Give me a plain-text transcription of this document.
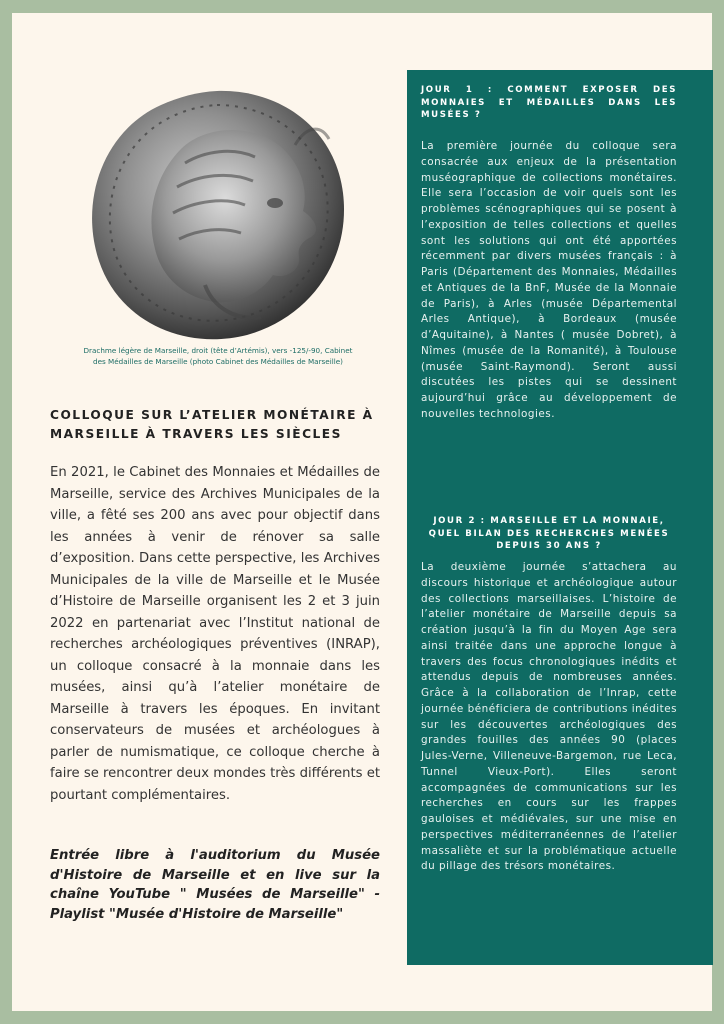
Drachme légère de Marseille, droit (tête d’Artémis), vers -125/-90, Cabinet des Médailles de Marseille (photo Cabinet des Médailles de Marseille)
COLLOQUE SUR L’ATELIER MONÉTAIRE À MARSEILLE À TRAVERS LES SIÈCLES
En 2021, le Cabinet des Monnaies et Médailles de Marseille, service des Archives Municipales de la ville, a fêté ses 200 ans avec pour objectif dans les années à venir de rénover sa salle d’exposition. Dans cette perspective, les Archives Municipales de la ville de Marseille et le Musée d’Histoire de Marseille organisent les 2 et 3 juin 2022 en partenariat avec l’Institut national de recherches archéologiques préventives (INRAP), un colloque consacré à la monnaie dans les musées, ainsi qu’à l’atelier monétaire de Marseille à travers les époques. En invitant conservateurs de musées et archéologues à parler de numismatique, ce colloque cherche à faire se rencontrer deux mondes très différents et pourtant complémentaires.
Entrée libre à l'auditorium du Musée d'Histoire de Marseille et en live sur la chaîne YouTube " Musées de Marseille" - Playlist "Musée d'Histoire de Marseille"
JOUR 1 : COMMENT EXPOSER DES MONNAIES ET MÉDAILLES DANS LES MUSÉES ?
La première journée du colloque sera consacrée aux enjeux de la présentation muséographique de collections monétaires. Elle sera l’occasion de voir quels sont les problèmes scénographiques qui se posent à l’exposition de telles collections et quelles sont les solutions qui ont été apportées récemment par divers musées français : à Paris (Département des Monnaies, Médailles et Antiques de la BnF, Musée de la Monnaie de Paris), à Arles (musée Départemental Arles Antique), à Bordeaux (musée d’Aquitaine), à Nantes ( musée Dobret), à Nîmes (musée de la Romanité), à Toulouse (musée Saint-Raymond). Seront aussi discutées les pistes qui se dessinent aujourd’hui grâce au développement de nouvelles technologies.
JOUR 2 : MARSEILLE ET LA MONNAIE, QUEL BILAN DES RECHERCHES MENÉES DEPUIS 30 ANS ?
La deuxième journée s’attachera au discours historique et archéologique autour des collections marseillaises. L’histoire de l’atelier monétaire de Marseille depuis sa création jusqu’à la fin du Moyen Age sera ainsi traitée dans une approche longue à travers des focus chronologiques inédits et attendus depuis de nombreuses années. Grâce à la collaboration de l’Inrap, cette journée bénéficiera de contributions inédites sur les découvertes archéologiques des grandes fouilles des années 90 (places Jules-Verne, Villeneuve-Bargemon, rue Leca, Tunnel Vieux-Port). Elles seront accompagnées de communications sur les recherches en cours sur les frappes gauloises et médiévales, sur une mise en perspectives méditerranéennes de l’atelier massaliète et sur la problématique actuelle du pillage des trésors monétaires.
